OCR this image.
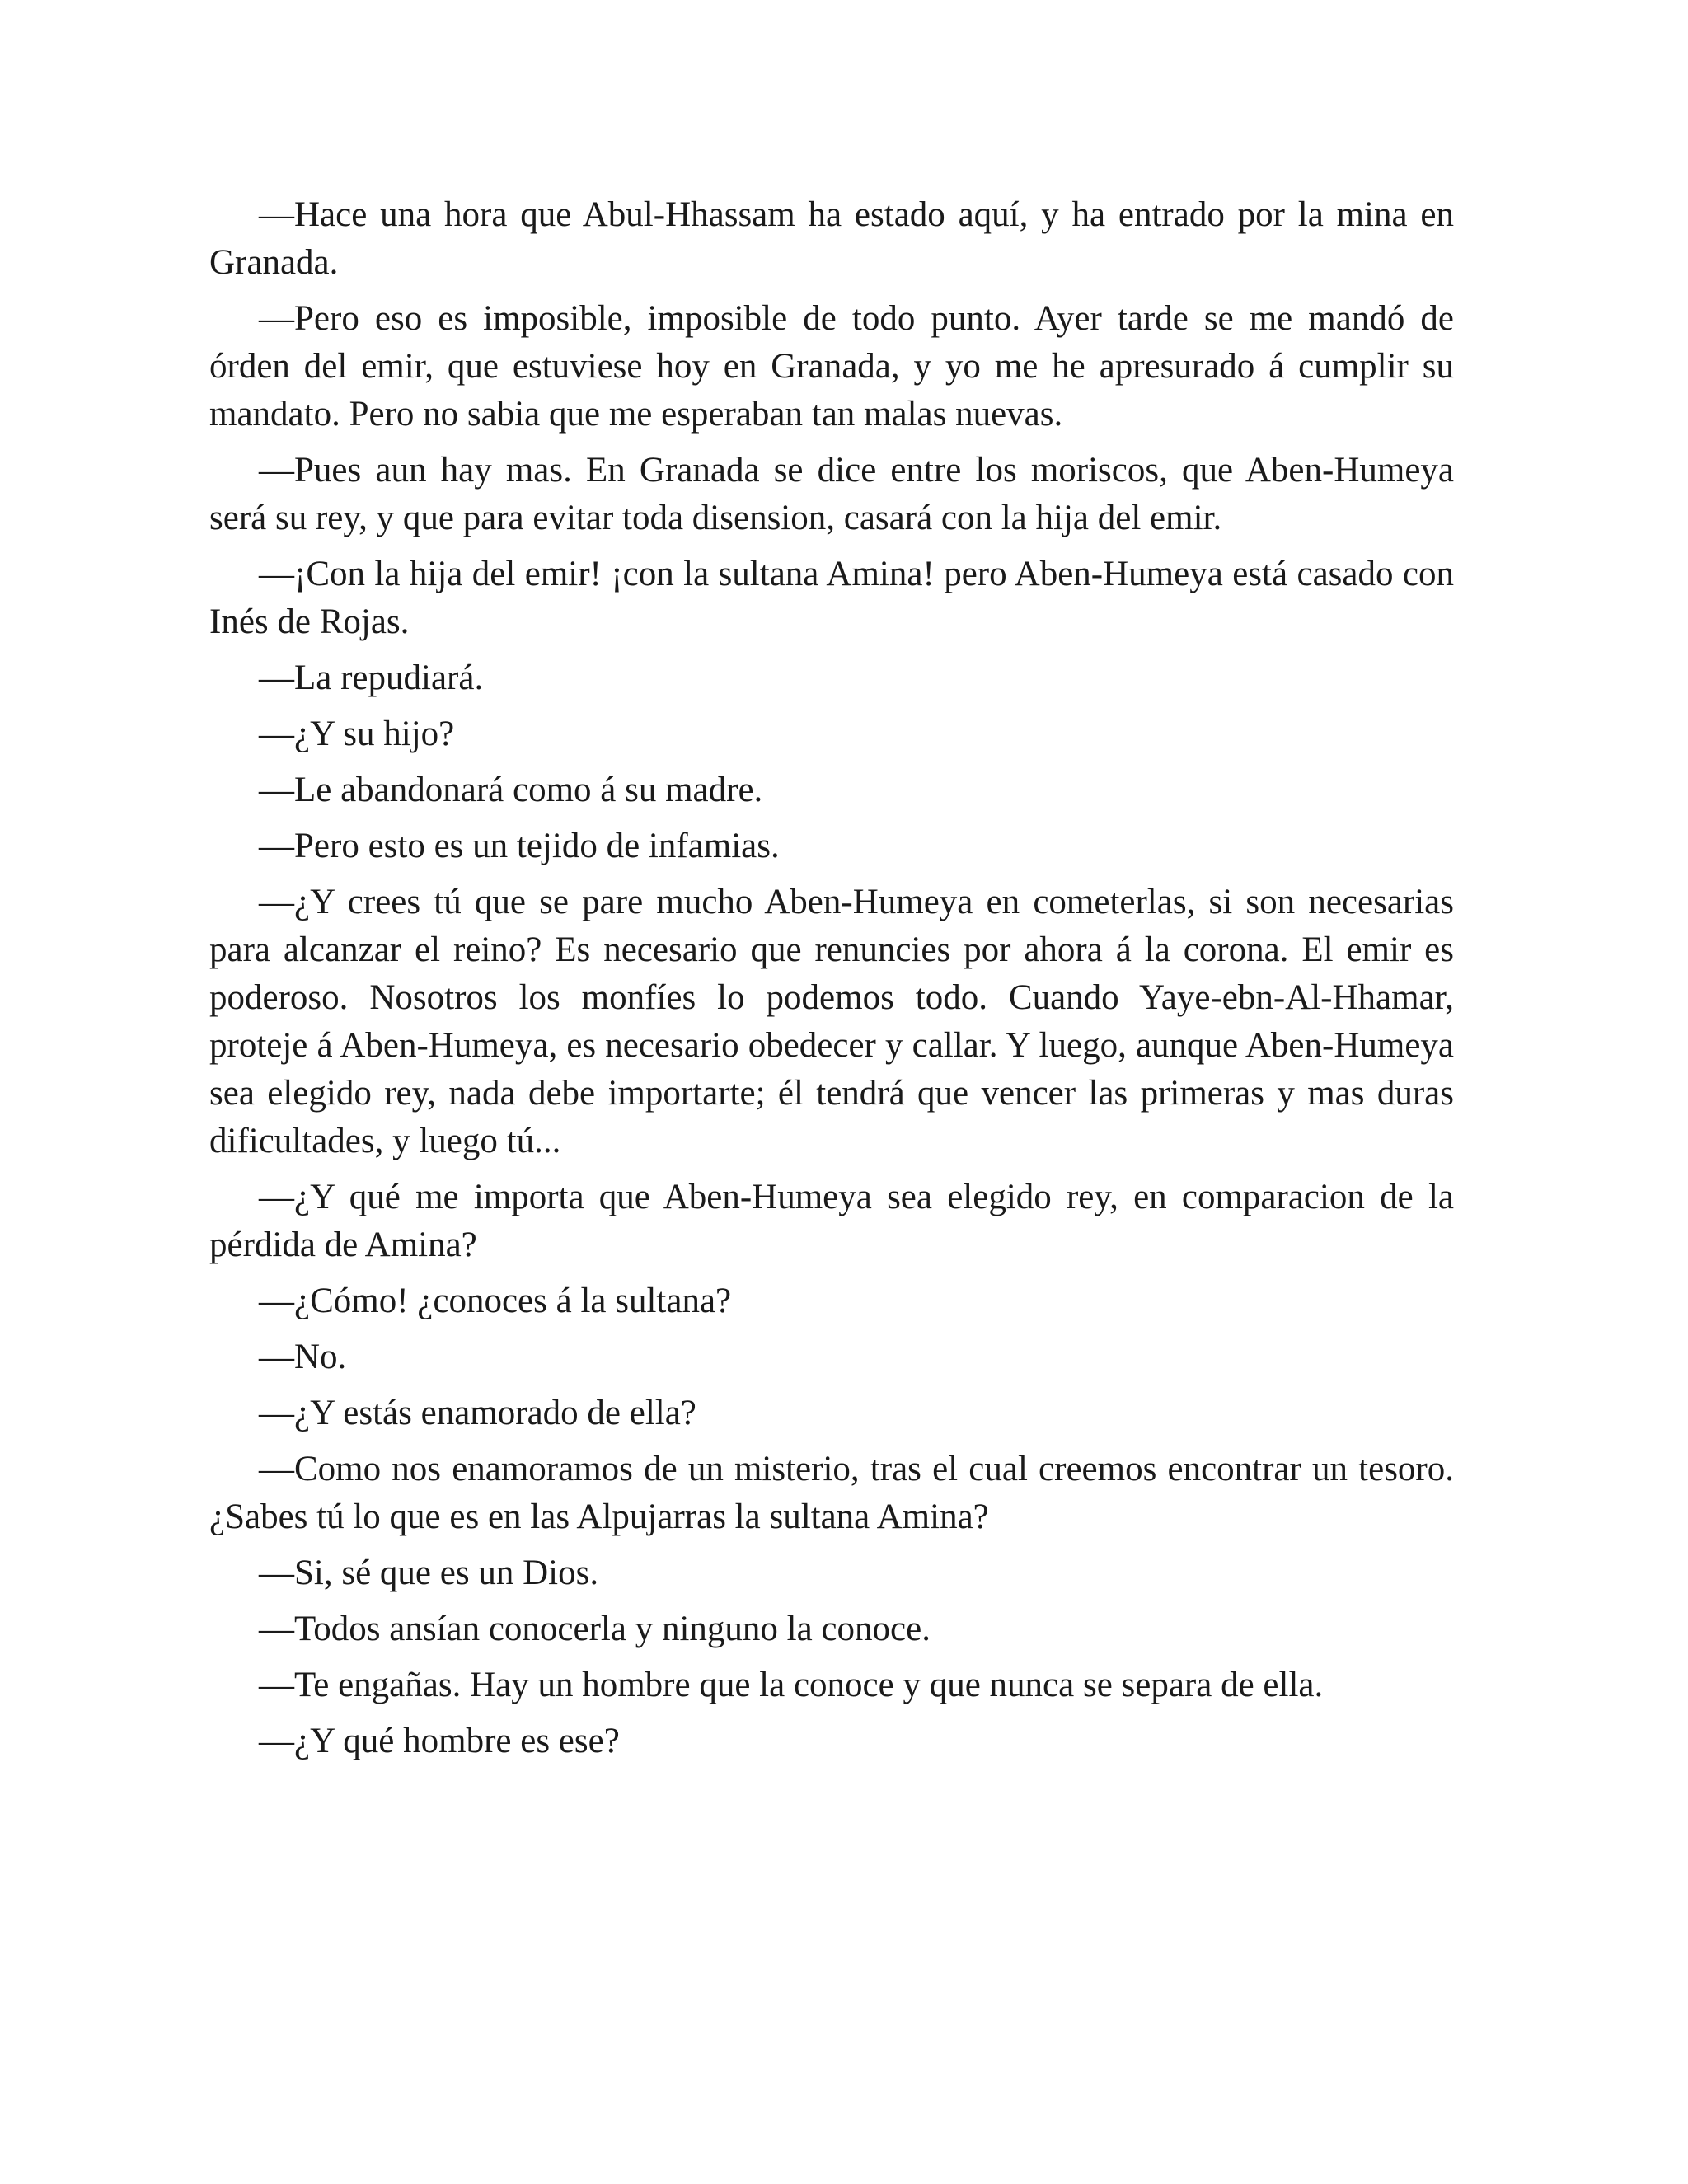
—Hace una hora que Abul-Hhassam ha estado aquí, y ha entrado por la mina en Granada.

—Pero eso es imposible, imposible de todo punto. Ayer tarde se me mandó de órden del emir, que estuviese hoy en Granada, y yo me he apresurado á cumplir su mandato. Pero no sabia que me esperaban tan malas nuevas.

—Pues aun hay mas. En Granada se dice entre los moriscos, que Aben-Humeya será su rey, y que para evitar toda disension, casará con la hija del emir.

—¡Con la hija del emir! ¡con la sultana Amina! pero Aben-Humeya está casado con Inés de Rojas.

—La repudiará.

—¿Y su hijo?

—Le abandonará como á su madre.

—Pero esto es un tejido de infamias.

—¿Y crees tú que se pare mucho Aben-Humeya en cometerlas, si son necesarias para alcanzar el reino? Es necesario que renuncies por ahora á la corona. El emir es poderoso. Nosotros los monfíes lo podemos todo. Cuando Yaye-ebn-Al-Hhamar, proteje á Aben-Humeya, es necesario obedecer y callar. Y luego, aunque Aben-Humeya sea elegido rey, nada debe importarte; él tendrá que vencer las primeras y mas duras dificultades, y luego tú...

—¿Y qué me importa que Aben-Humeya sea elegido rey, en comparacion de la pérdida de Amina?

—¿Cómo! ¿conoces á la sultana?

—No.

—¿Y estás enamorado de ella?

—Como nos enamoramos de un misterio, tras el cual creemos encontrar un tesoro. ¿Sabes tú lo que es en las Alpujarras la sultana Amina?

—Si, sé que es un Dios.

—Todos ansían conocerla y ninguno la conoce.

—Te engañas. Hay un hombre que la conoce y que nunca se separa de ella.

—¿Y qué hombre es ese?
